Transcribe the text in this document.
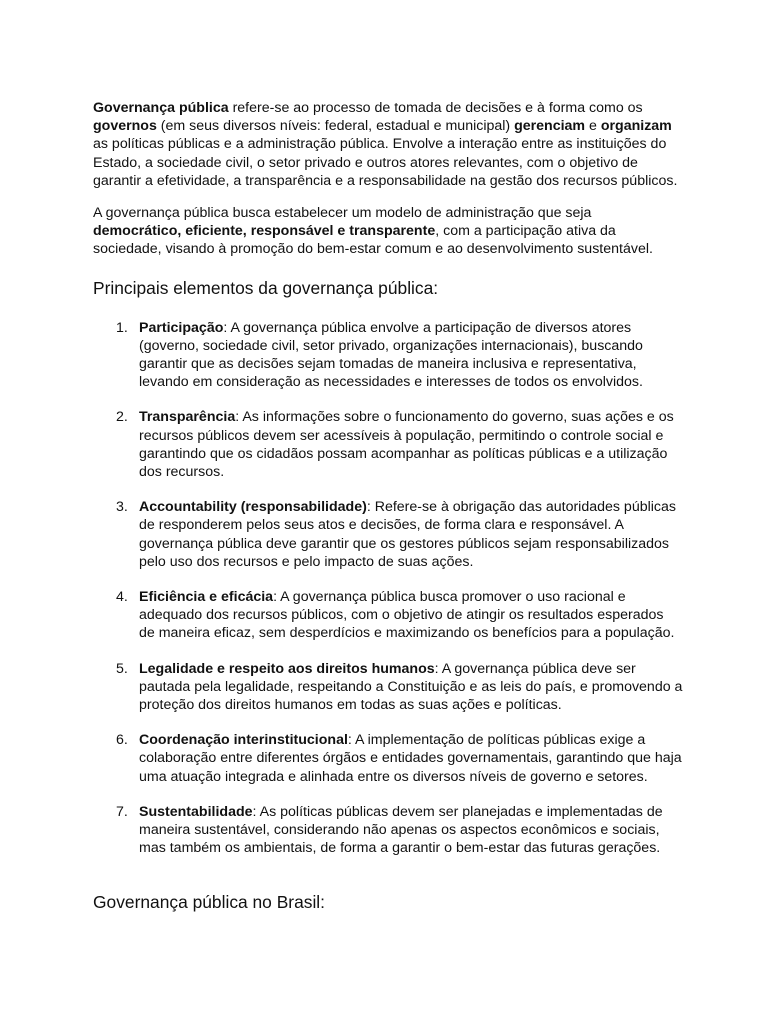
Governança pública refere-se ao processo de tomada de decisões e à forma como os governos (em seus diversos níveis: federal, estadual e municipal) gerenciam e organizam as políticas públicas e a administração pública. Envolve a interação entre as instituições do Estado, a sociedade civil, o setor privado e outros atores relevantes, com o objetivo de garantir a efetividade, a transparência e a responsabilidade na gestão dos recursos públicos.

A governança pública busca estabelecer um modelo de administração que seja democrático, eficiente, responsável e transparente, com a participação ativa da sociedade, visando à promoção do bem-estar comum e ao desenvolvimento sustentável.

Principais elementos da governança pública:
1. Participação: A governança pública envolve a participação de diversos atores (governo, sociedade civil, setor privado, organizações internacionais), buscando garantir que as decisões sejam tomadas de maneira inclusiva e representativa, levando em consideração as necessidades e interesses de todos os envolvidos.
2. Transparência: As informações sobre o funcionamento do governo, suas ações e os recursos públicos devem ser acessíveis à população, permitindo o controle social e garantindo que os cidadãos possam acompanhar as políticas públicas e a utilização dos recursos.
3. Accountability (responsabilidade): Refere-se à obrigação das autoridades públicas de responderem pelos seus atos e decisões, de forma clara e responsável. A governança pública deve garantir que os gestores públicos sejam responsabilizados pelo uso dos recursos e pelo impacto de suas ações.
4. Eficiência e eficácia: A governança pública busca promover o uso racional e adequado dos recursos públicos, com o objetivo de atingir os resultados esperados de maneira eficaz, sem desperdícios e maximizando os benefícios para a população.
5. Legalidade e respeito aos direitos humanos: A governança pública deve ser pautada pela legalidade, respeitando a Constituição e as leis do país, e promovendo a proteção dos direitos humanos em todas as suas ações e políticas.
6. Coordenação interinstitucional: A implementação de políticas públicas exige a colaboração entre diferentes órgãos e entidades governamentais, garantindo que haja uma atuação integrada e alinhada entre os diversos níveis de governo e setores.
7. Sustentabilidade: As políticas públicas devem ser planejadas e implementadas de maneira sustentável, considerando não apenas os aspectos econômicos e sociais, mas também os ambientais, de forma a garantir o bem-estar das futuras gerações.
Governança pública no Brasil:
